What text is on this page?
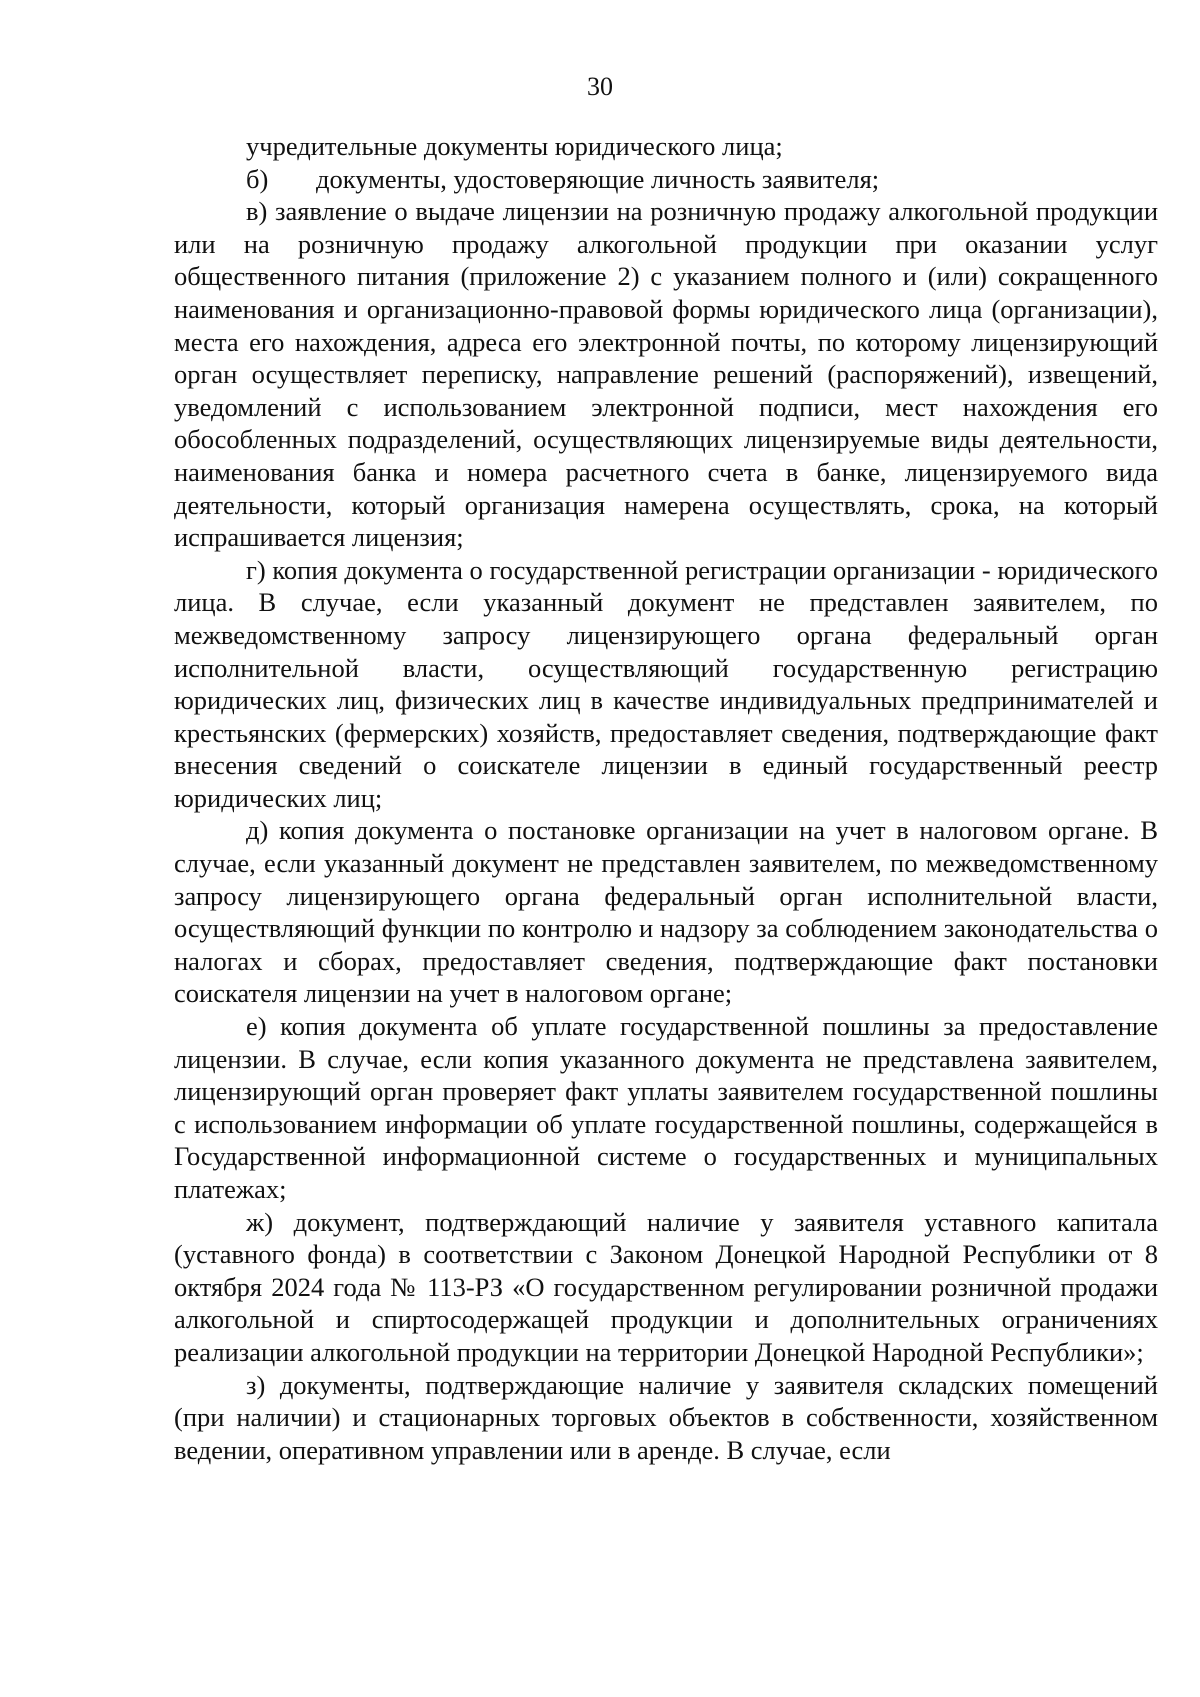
30

учредительные документы юридического лица;

б)	документы, удостоверяющие личность заявителя;

в) заявление о выдаче лицензии на розничную продажу алкогольной продукции или на розничную продажу алкогольной продукции при оказании услуг общественного питания (приложение 2) с указанием полного и (или) сокращенного наименования и организационно-правовой формы юридического лица (организации), места его нахождения, адреса его электронной почты, по которому лицензирующий орган осуществляет переписку, направление решений (распоряжений), извещений, уведомлений с использованием электронной подписи, мест нахождения его обособленных подразделений, осуществляющих лицензируемые виды деятельности, наименования банка и номера расчетного счета в банке, лицензируемого вида деятельности, который организация намерена осуществлять, срока, на который испрашивается лицензия;

г) копия документа о государственной регистрации организации - юридического лица. В случае, если указанный документ не представлен заявителем, по межведомственному запросу лицензирующего органа федеральный орган исполнительной власти, осуществляющий государственную регистрацию юридических лиц, физических лиц в качестве индивидуальных предпринимателей и крестьянских (фермерских) хозяйств, предоставляет сведения, подтверждающие факт внесения сведений о соискателе лицензии в единый государственный реестр юридических лиц;

д) копия документа о постановке организации на учет в налоговом органе. В случае, если указанный документ не представлен заявителем, по межведомственному запросу лицензирующего органа федеральный орган исполнительной власти, осуществляющий функции по контролю и надзору за соблюдением законодательства о налогах и сборах, предоставляет сведения, подтверждающие факт постановки соискателя лицензии на учет в налоговом органе;

е) копия документа об уплате государственной пошлины за предоставление лицензии. В случае, если копия указанного документа не представлена заявителем, лицензирующий орган проверяет факт уплаты заявителем государственной пошлины с использованием информации об уплате государственной пошлины, содержащейся в Государственной информационной системе о государственных и муниципальных платежах;

ж) документ, подтверждающий наличие у заявителя уставного капитала (уставного фонда) в соответствии с Законом Донецкой Народной Республики от 8 октября 2024 года № 113-РЗ «О государственном регулировании розничной продажи алкогольной и спиртосодержащей продукции и дополнительных ограничениях реализации алкогольной продукции на территории Донецкой Народной Республики»;

з) документы, подтверждающие наличие у заявителя складских помещений (при наличии) и стационарных торговых объектов в собственности, хозяйственном ведении, оперативном управлении или в аренде. В случае, если
